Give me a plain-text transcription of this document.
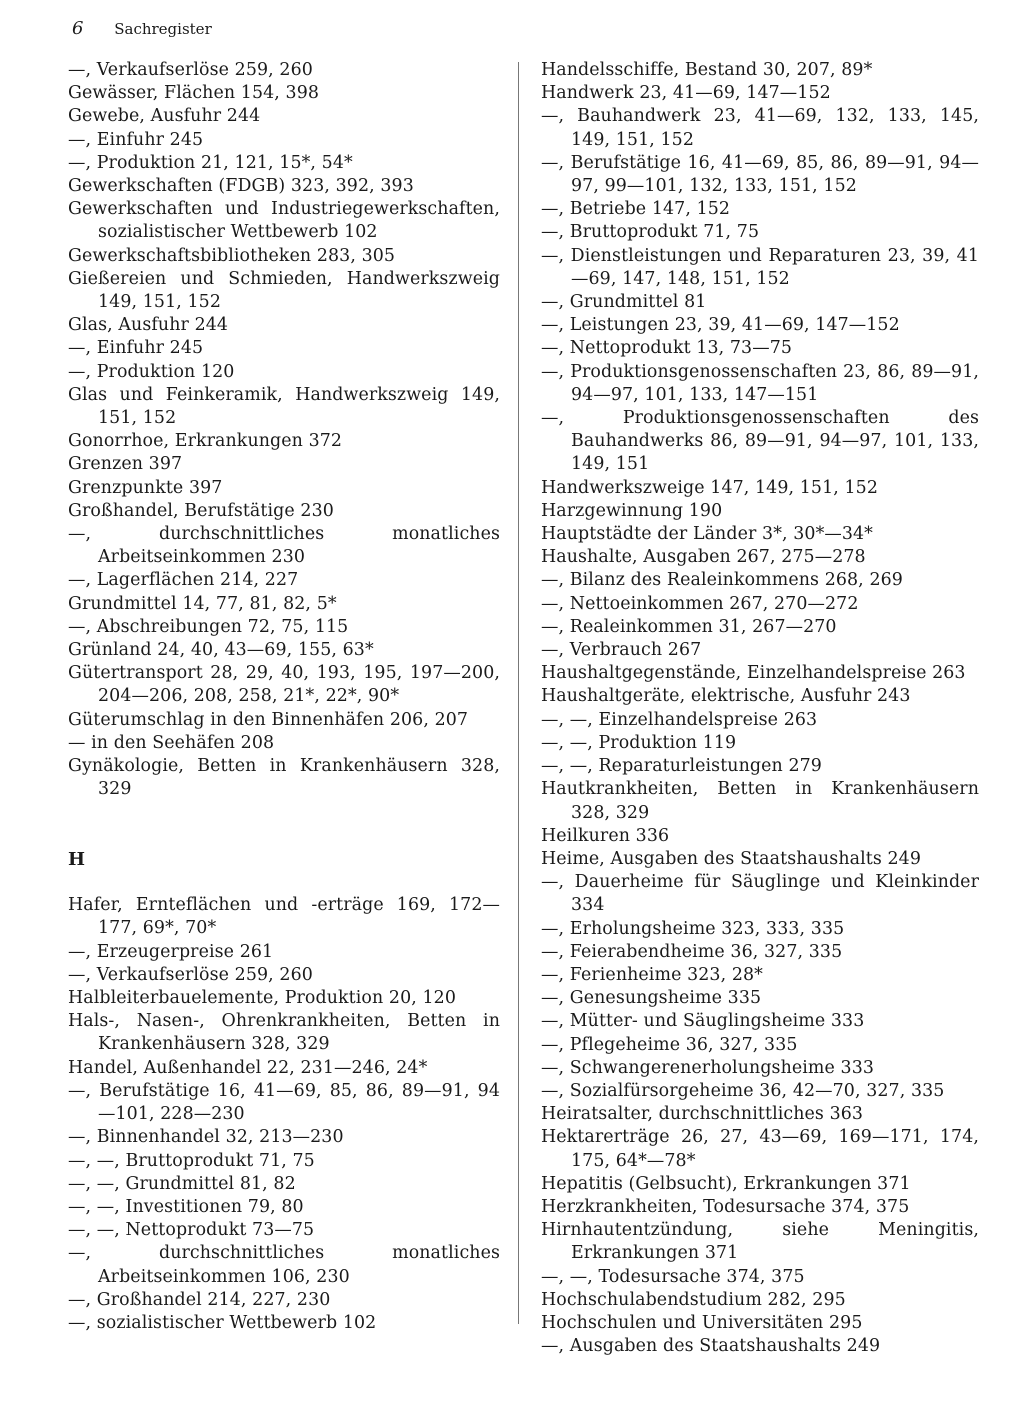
6 Sachregister
—, Verkaufserlöse 259, 260
Gewässer, Flächen 154, 398
Gewebe, Ausfuhr 244
—, Einfuhr 245
—, Produktion 21, 121, 15*, 54*
Gewerkschaften (FDGB) 323, 392, 393
Gewerkschaften und Industriegewerkschaften, sozialistischer Wettbewerb 102
Gewerkschaftsbibliotheken 283, 305
Gießereien und Schmieden, Handwerkszweig 149, 151, 152
Glas, Ausfuhr 244
—, Einfuhr 245
—, Produktion 120
Glas und Feinkeramik, Handwerkszweig 149, 151, 152
Gonorrhoe, Erkrankungen 372
Grenzen 397
Grenzpunkte 397
Großhandel, Berufstätige 230
—, durchschnittliches monatliches Arbeitseinkommen 230
—, Lagerflächen 214, 227
Grundmittel 14, 77, 81, 82, 5*
—, Abschreibungen 72, 75, 115
Grünland 24, 40, 43—69, 155, 63*
Gütertransport 28, 29, 40, 193, 195, 197—200, 204—206, 208, 258, 21*, 22*, 90*
Güterumschlag in den Binnenhäfen 206, 207
— in den Seehäfen 208
Gynäkologie, Betten in Krankenhäusern 328, 329
H
Hafer, Ernteflächen und -erträge 169, 172—177, 69*, 70*
—, Erzeugerpreise 261
—, Verkaufserlöse 259, 260
Halbleiterbauelemente, Produktion 20, 120
Hals-, Nasen-, Ohrenkrankheiten, Betten in Krankenhäusern 328, 329
Handel, Außenhandel 22, 231—246, 24*
—, Berufstätige 16, 41—69, 85, 86, 89—91, 94—101, 228—230
—, Binnenhandel 32, 213—230
—, —, Bruttoprodukt 71, 75
—, —, Grundmittel 81, 82
—, —, Investitionen 79, 80
—, —, Nettoprodukt 73—75
—, durchschnittliches monatliches Arbeitseinkommen 106, 230
—, Großhandel 214, 227, 230
—, sozialistischer Wettbewerb 102
Handelsschiffe, Bestand 30, 207, 89*
Handwerk 23, 41—69, 147—152
—, Bauhandwerk 23, 41—69, 132, 133, 145, 149, 151, 152
—, Berufstätige 16, 41—69, 85, 86, 89—91, 94—97, 99—101, 132, 133, 151, 152
—, Betriebe 147, 152
—, Bruttoprodukt 71, 75
—, Dienstleistungen und Reparaturen 23, 39, 41—69, 147, 148, 151, 152
—, Grundmittel 81
—, Leistungen 23, 39, 41—69, 147—152
—, Nettoprodukt 13, 73—75
—, Produktionsgenossenschaften 23, 86, 89—91, 94—97, 101, 133, 147—151
—, Produktionsgenossenschaften des Bauhandwerks 86, 89—91, 94—97, 101, 133, 149, 151
Handwerkszweige 147, 149, 151, 152
Harzgewinnung 190
Hauptstädte der Länder 3*, 30*—34*
Haushalte, Ausgaben 267, 275—278
—, Bilanz des Realeinkommens 268, 269
—, Nettoeinkommen 267, 270—272
—, Realeinkommen 31, 267—270
—, Verbrauch 267
Haushaltgegenstände, Einzelhandelspreise 263
Haushaltgeräte, elektrische, Ausfuhr 243
—, —, Einzelhandelspreise 263
—, —, Produktion 119
—, —, Reparaturleistungen 279
Hautkrankheiten, Betten in Krankenhäusern 328, 329
Heilkuren 336
Heime, Ausgaben des Staatshaushalts 249
—, Dauerheime für Säuglinge und Kleinkinder 334
—, Erholungsheime 323, 333, 335
—, Feierabendheime 36, 327, 335
—, Ferienheime 323, 28*
—, Genesungsheime 335
—, Mütter- und Säuglingsheime 333
—, Pflegeheime 36, 327, 335
—, Schwangerenerholungsheime 333
—, Sozialfürsorgeheime 36, 42—70, 327, 335
Heiratsalter, durchschnittliches 363
Hektarerträge 26, 27, 43—69, 169—171, 174, 175, 64*—78*
Hepatitis (Gelbsucht), Erkrankungen 371
Herzkrankheiten, Todesursache 374, 375
Hirnhautentzündung, siehe Meningitis, Erkrankungen 371
—, —, Todesursache 374, 375
Hochschulabendstudium 282, 295
Hochschulen und Universitäten 295
—, Ausgaben des Staatshaushalts 249
